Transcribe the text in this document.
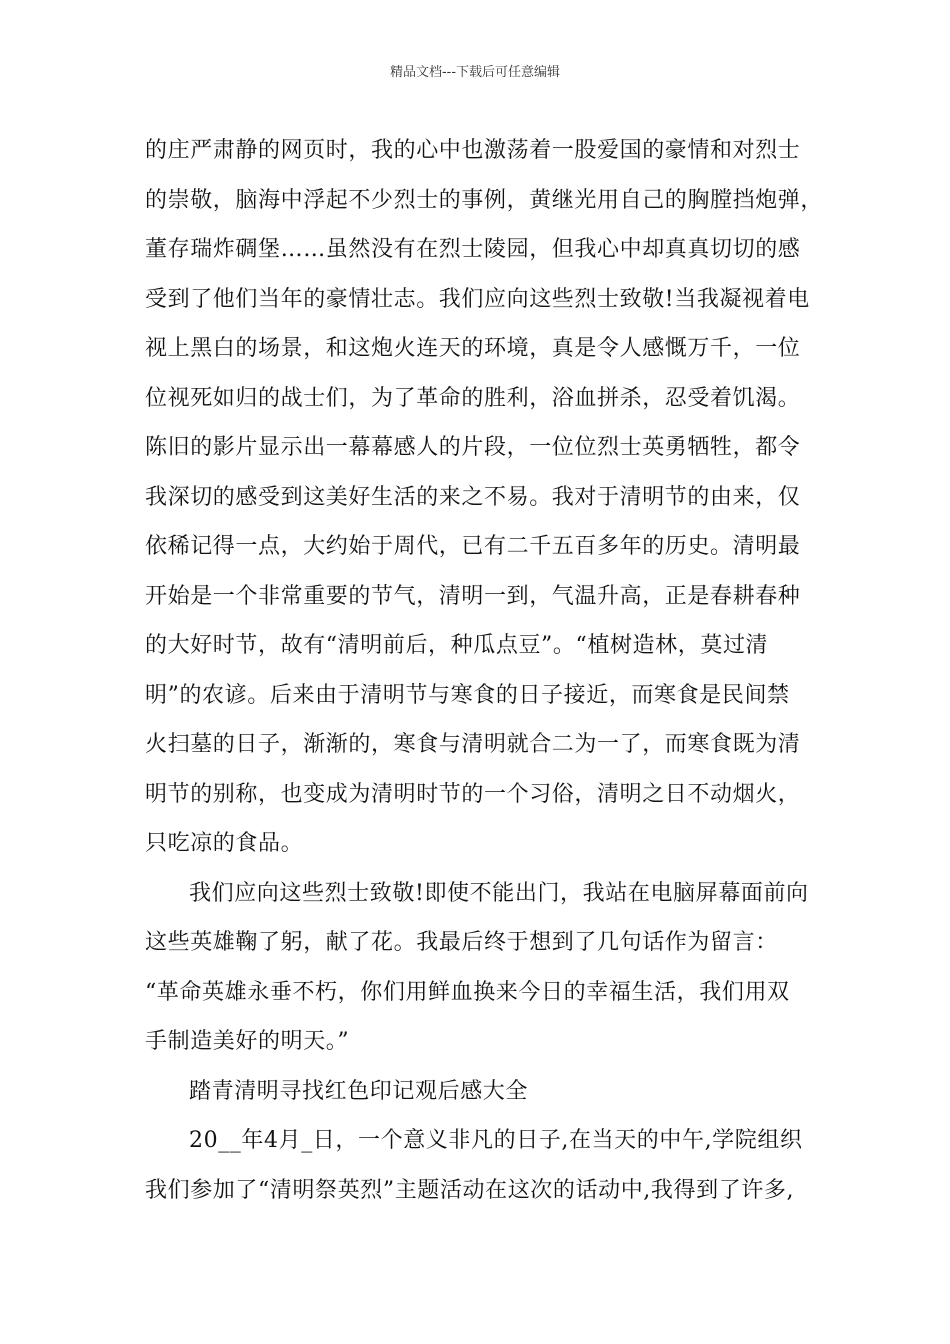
精品文档---下载后可任意编辑
的庄严肃静的网页时，我的心中也激荡着一股爱国的豪情和对烈士
的崇敬，脑海中浮起不少烈士的事例，黄继光用自己的胸膛挡炮弹，
董存瑞炸碉堡……虽然没有在烈士陵园，但我心中却真真切切的感
受到了他们当年的豪情壮志。我们应向这些烈士致敬!当我凝视着电
视上黑白的场景，和这炮火连天的环境，真是令人感慨万千，一位
位视死如归的战士们，为了革命的胜利，浴血拼杀，忍受着饥渴。
陈旧的影片显示出一幕幕感人的片段，一位位烈士英勇牺牲，都令
我深切的感受到这美好生活的来之不易。我对于清明节的由来，仅
依稀记得一点，大约始于周代，已有二千五百多年的历史。清明最
开始是一个非常重要的节气，清明一到，气温升高，正是春耕春种
的大好时节，故有“清明前后，种瓜点豆”。“植树造林，莫过清
明”的农谚。后来由于清明节与寒食的日子接近，而寒食是民间禁
火扫墓的日子，渐渐的，寒食与清明就合二为一了，而寒食既为清
明节的别称，也变成为清明时节的一个习俗，清明之日不动烟火，
只吃凉的食品。
我们应向这些烈士致敬!即使不能出门，我站在电脑屏幕面前向
这些英雄鞠了躬，献了花。我最后终于想到了几句话作为留言：
“革命英雄永垂不朽，你们用鲜血换来今日的幸福生活，我们用双
手制造美好的明天。”
踏青清明寻找红色印记观后感大全
20__年4月_日，一个意义非凡的日子,在当天的中午,学院组织
我们参加了“清明祭英烈”主题活动在这次的话动中,我得到了许多,
